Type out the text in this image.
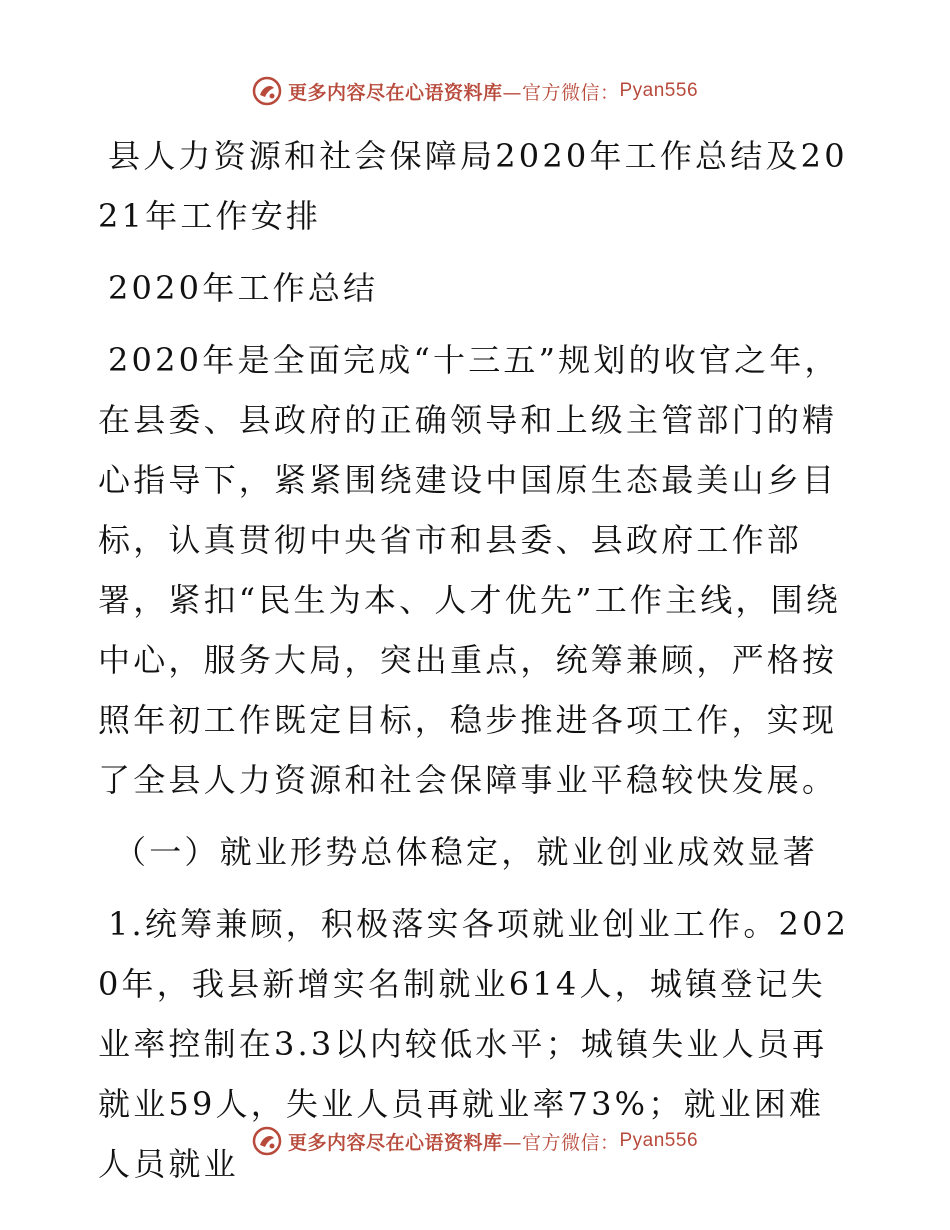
更多内容尽在心语资料库 —官方微信： Pyan556

县人力资源和社会保障局2020年工作总结及2021年工作安排

2020年工作总结

2020年是全面完成“十三五”规划的收官之年，在县委、县政府的正确领导和上级主管部门的精心指导下，紧紧围绕建设中国原生态最美山乡目标，认真贯彻中央省市和县委、县政府工作部署，紧扣“民生为本、人才优先”工作主线，围绕中心，服务大局，突出重点，统筹兼顾，严格按照年初工作既定目标，稳步推进各项工作，实现了全县人力资源和社会保障事业平稳较快发展。

（一）就业形势总体稳定，就业创业成效显著

1.统筹兼顾，积极落实各项就业创业工作。2020年，我县新增实名制就业614人，城镇登记失业率控制在3.3以内较低水平；城镇失业人员再就业59人，失业人员再就业率73%；就业困难人员就业

更多内容尽在心语资料库 —官方微信： Pyan556
